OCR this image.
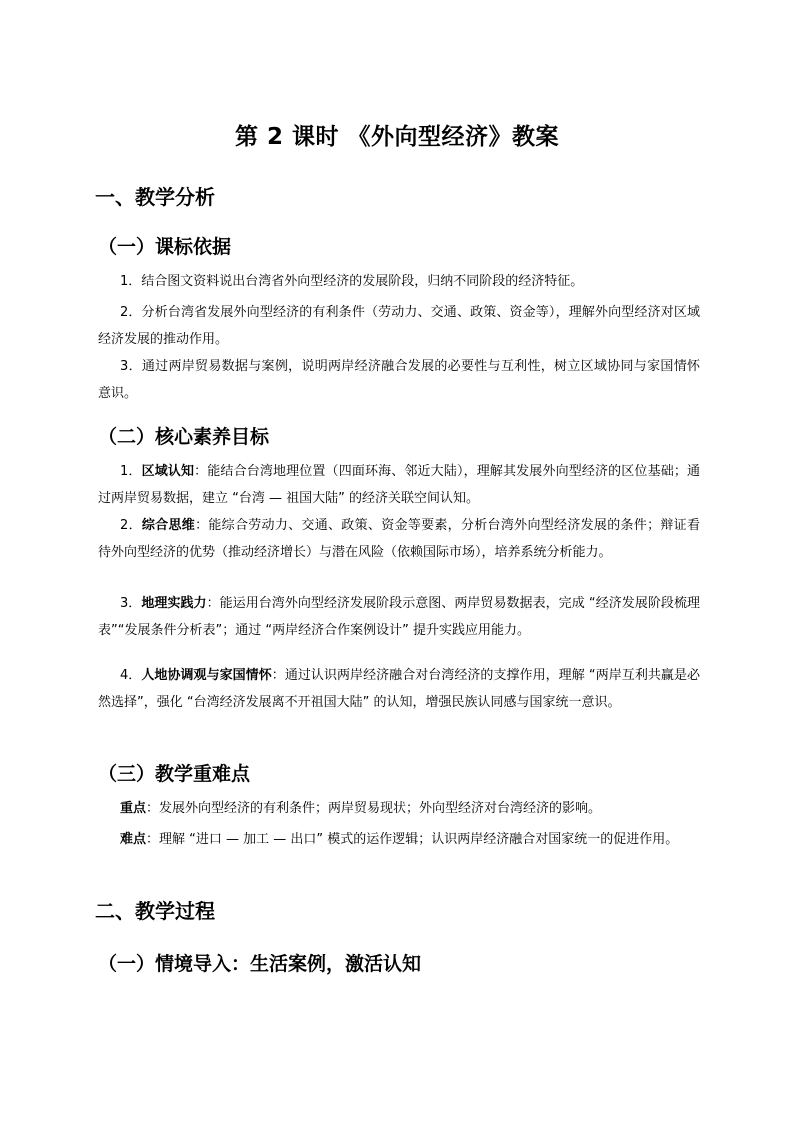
第 2 课时 《外向型经济》教案
一、教学分析
（一）课标依据
1．结合图文资料说出台湾省外向型经济的发展阶段，归纳不同阶段的经济特征。
2．分析台湾省发展外向型经济的有利条件（劳动力、交通、政策、资金等），理解外向型经济对区域经济发展的推动作用。
3．通过两岸贸易数据与案例，说明两岸经济融合发展的必要性与互利性，树立区域协同与家国情怀意识。
（二）核心素养目标
1．区域认知：能结合台湾地理位置（四面环海、邻近大陆），理解其发展外向型经济的区位基础；通过两岸贸易数据，建立 “台湾 — 祖国大陆” 的经济关联空间认知。
2．综合思维：能综合劳动力、交通、政策、资金等要素，分析台湾外向型经济发展的条件；辩证看待外向型经济的优势（推动经济增长）与潜在风险（依赖国际市场），培养系统分析能力。
3．地理实践力：能运用台湾外向型经济发展阶段示意图、两岸贸易数据表，完成 “经济发展阶段梳理表”“发展条件分析表”；通过 “两岸经济合作案例设计” 提升实践应用能力。
4．人地协调观与家国情怀：通过认识两岸经济融合对台湾经济的支撑作用，理解 “两岸互利共赢是必然选择”，强化 “台湾经济发展离不开祖国大陆” 的认知，增强民族认同感与国家统一意识。
（三）教学重难点
重点：发展外向型经济的有利条件；两岸贸易现状；外向型经济对台湾经济的影响。
难点：理解 “进口 — 加工 — 出口” 模式的运作逻辑；认识两岸经济融合对国家统一的促进作用。
二、教学过程
（一）情境导入：生活案例，激活认知
